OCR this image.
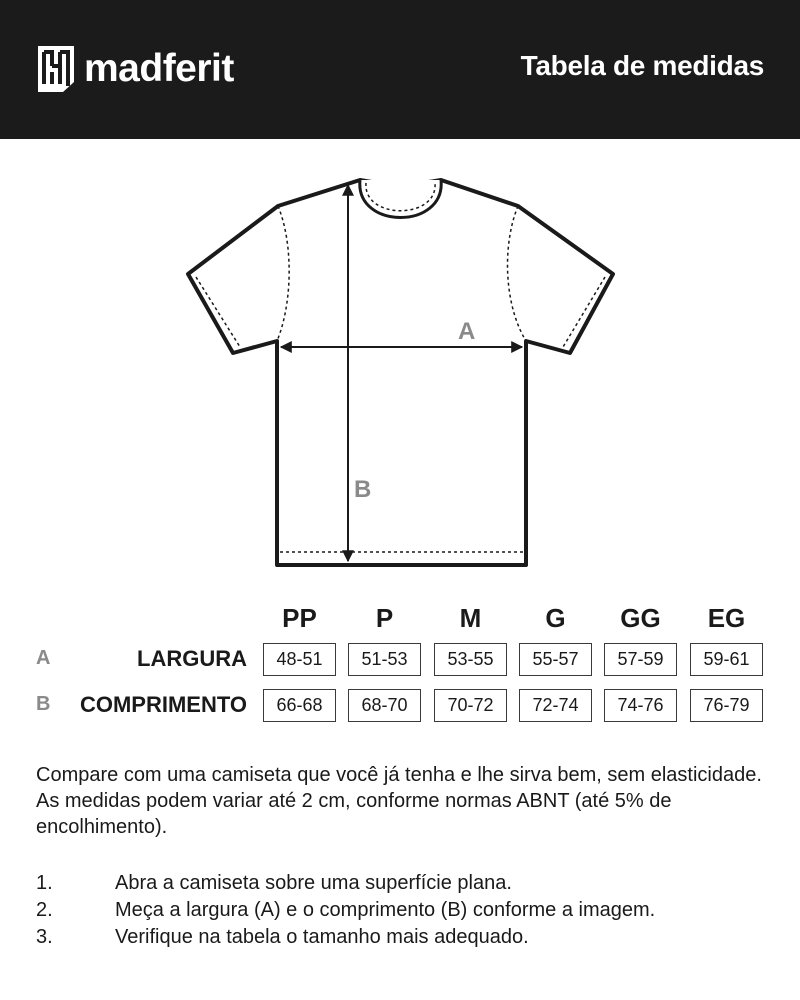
madferit	Tabela de medidas
A
B
PP	P	M	G	GG	EG
A	LARGURA	48-51	51-53	53-55	55-57	57-59	59-61
B COMPRIMENTO	66-68	68-70	70-72	72-74	74-76	76-79
Compare com uma camiseta que você já tenha e lhe sirva bem, sem elasticidade. As medidas podem variar até 2 cm, conforme normas ABNT (até 5% de encolhimento).
1.	Abra a camiseta sobre uma superfície plana.
2.	Meça a largura (A) e o comprimento (B) conforme a imagem.
3.	Verifique na tabela o tamanho mais adequado.
